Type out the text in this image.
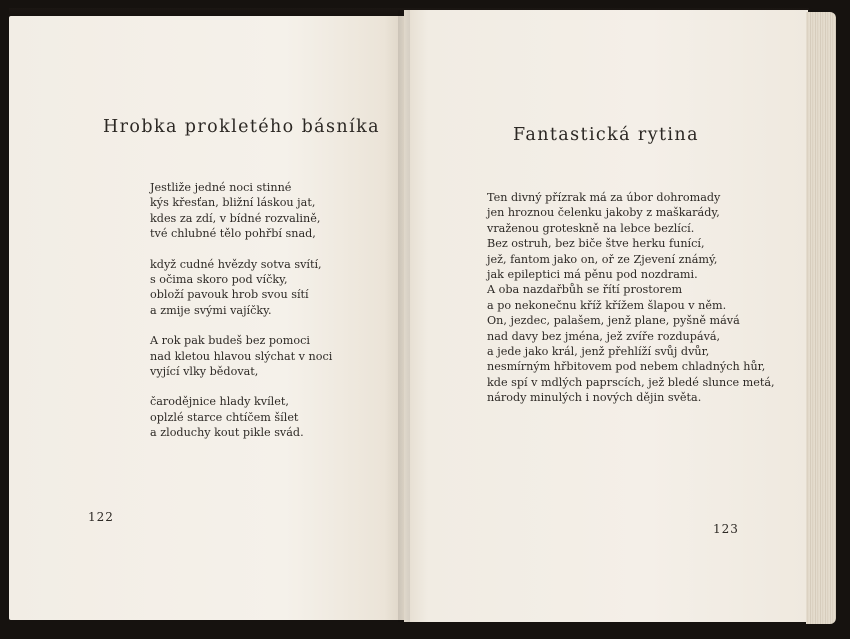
Hrobka prokletého básníka
Jestliže jedné noci stinné
kýs křesťan, bližní láskou jat,
kdes za zdí, v bídné rozvalině,
tvé chlubné tělo pohřbí snad,
když cudné hvězdy sotva svítí,
s očima skoro pod víčky,
obloží pavouk hrob svou sítí
a zmije svými vajíčky.
A rok pak budeš bez pomoci
nad kletou hlavou slýchat v noci
vyjící vlky bědovat,
čarodějnice hlady kvílet,
oplzlé starce chtíčem šílet
a zloduchy kout pikle svád.
122
Fantastická rytina
Ten divný přízrak má za úbor dohromady
jen hroznou čelenku jakoby z maškarády,
vraženou groteskně na lebce bezlící.
Bez ostruh, bez biče štve herku funící,
jež, fantom jako on, oř ze Zjevení známý,
jak epileptici má pěnu pod nozdrami.
A oba nazdařbůh se řítí prostorem
a po nekonečnu kříž křížem šlapou v něm.
On, jezdec, palašem, jenž plane, pyšně mává
nad davy bez jména, jež zvíře rozdupává,
a jede jako král, jenž přehlíží svůj dvůr,
nesmírným hřbitovem pod nebem chladných hůr,
kde spí v mdlých paprscích, jež bledé slunce metá,
národy minulých i nových dějin světa.
123
